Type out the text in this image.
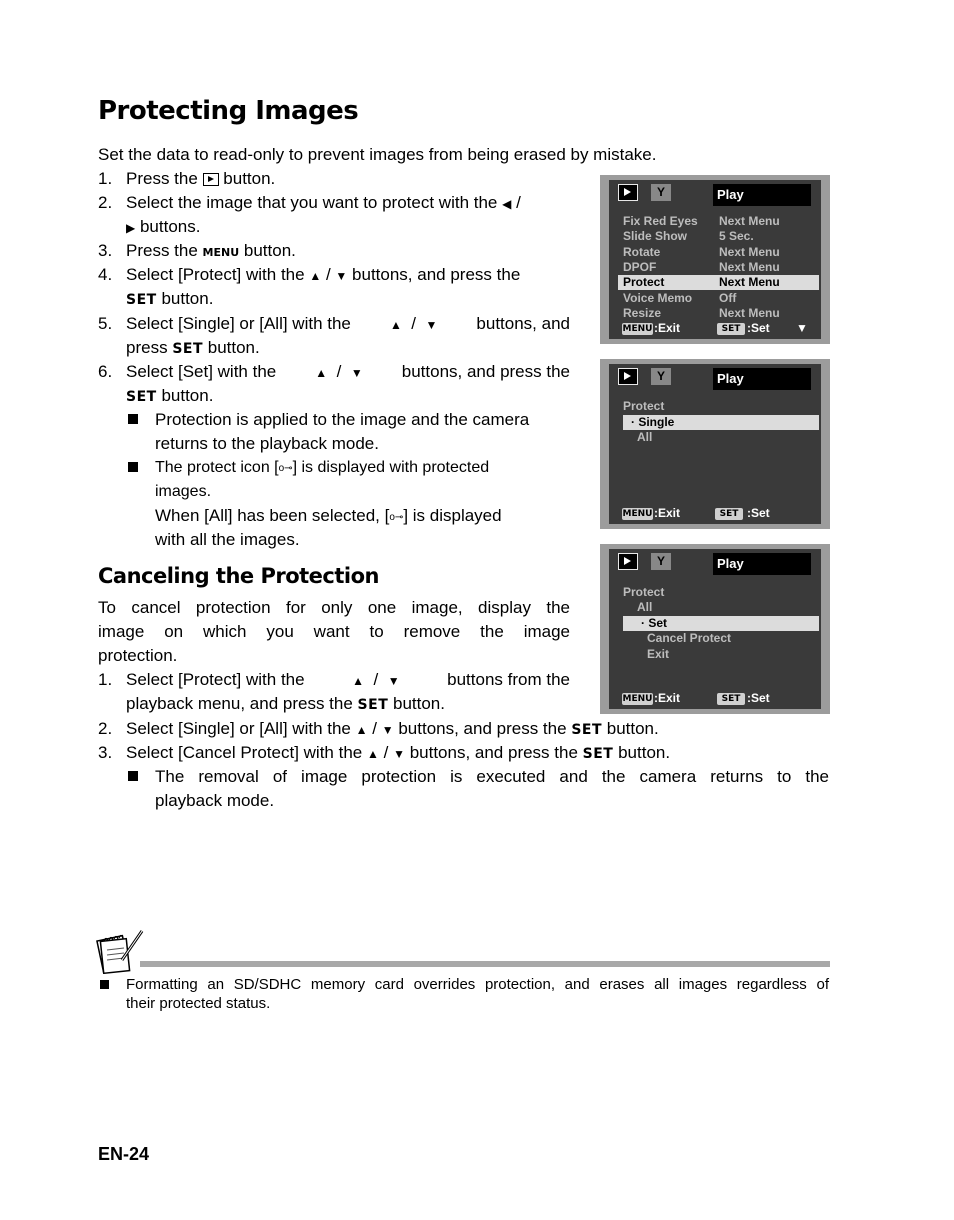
Protecting Images
Set the data to read-only to prevent images from being erased by mistake.
1. Press the button.
2. Select the image that you want to protect with the ◀ /
▶ buttons.
3. Press the MENU button.
4. Select [Protect] with the ▲ / ▼ buttons, and press the
SET button.
5. Select [Single] or [All] with the	▲ / ▼ buttons, and
press SET button.
6. Select [Set] with the	▲ / ▼ buttons, and press the
SET button.
Protection is applied to the image and the camera
returns to the playback mode.
The protect icon [o⊸] is displayed with protected
images.
When [All] has been selected, [o⊸] is displayed
with all the images.
Canceling the Protection
To cancel protection for only one image, display the
image on which you want to remove the image
protection.
1. Select [Protect] with the	▲ / ▼	buttons from the
playback menu, and press the SET button.
2. Select [Single] or [All] with the ▲ / ▼ buttons, and press the SET button.
3. Select [Cancel Protect] with the ▲ / ▼ buttons, and press the SET button.
The removal of image protection is executed and the camera returns to the
playback mode.
Formatting an SD/SDHC memory card overrides protection, and erases all images regardless of
their protected status.
EN-24
Y	Play
Fix Red Eyes Next Menu
Slide Show	5 Sec.
Rotate	Next Menu
DPOF	Next Menu
Protect	Next Menu
Voice Memo Off
Resize	Next Menu
MENU :Exit	SET :Set ▼
Y	Play
Protect
· Single
All
MENU :Exit	SET :Set
Y	Play
Protect
All
· Set
Cancel Protect
Exit
MENU :Exit	SET :Set
